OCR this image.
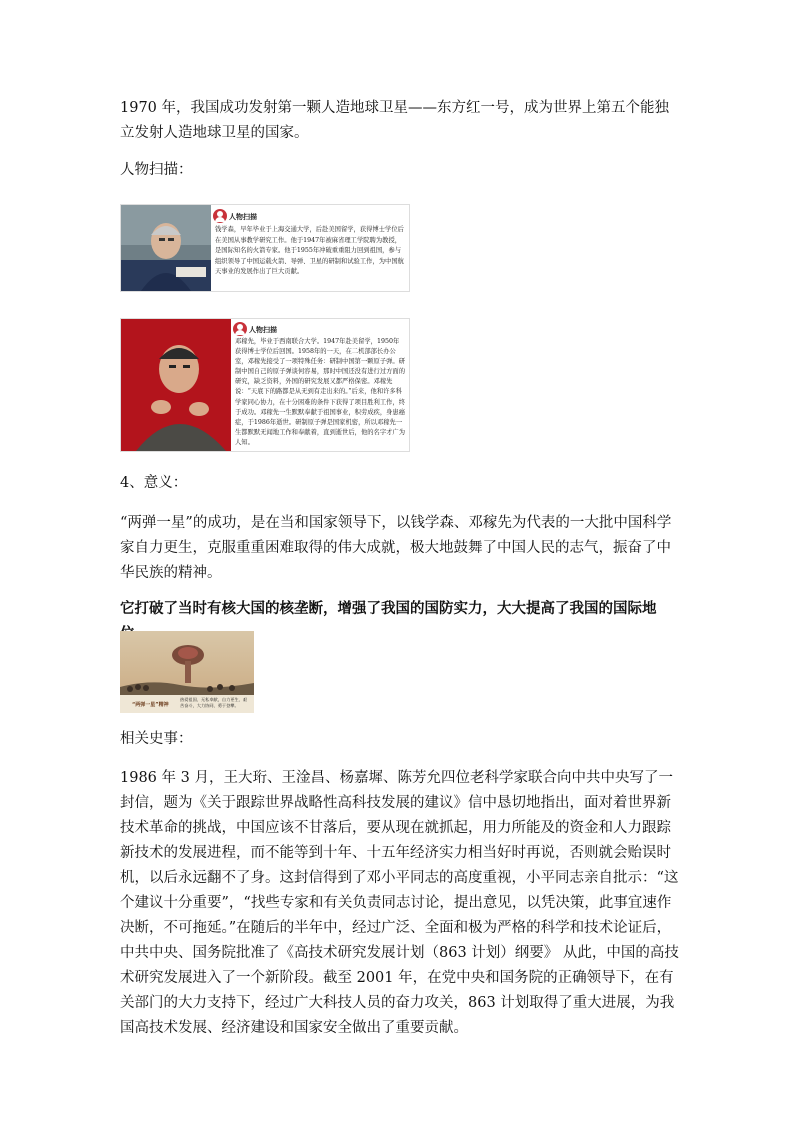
1970 年，我国成功发射第一颗人造地球卫星——东方红一号，成为世界上第五个能独立发射人造地球卫星的国家。

人物扫描：

人物扫描
钱学森，早年毕业于上海交通大学，后赴美国留学，获得博士学位后在美国从事教学研究工作。他于1947年被麻省理工学院聘为教授，是国际知名的火箭专家。他于1955年冲破重重阻力回到祖国，参与组织领导了中国运载火箭、导弹、卫星的研制和试验工作，为中国航天事业的发展作出了巨大贡献。
人物扫描
邓稼先，毕业于西南联合大学。1947年赴美留学，1950年获得博士学位后回国。1958年的一天，在二机部部长办公室，邓稼先接受了一项特殊任务：研制中国第一颗原子弹。研制中国自己的原子弹谈何容易，那时中国还没有进行过方面的研究，缺乏资料，外国的研究发展又都严格保密。邓稼先说：“天底下的路都是从无到有走出来的。”后来，他和许多科学家同心协力，在十分困难的条件下获得了项目胜利工作，终于成功。邓稼先一生默默奉献于祖国事业，积劳成疾，身患癌症，于1986年逝世。研制原子弹是国家机密，所以邓稼先一生都默默无闻地工作和奉献着，直到逝世后，他的名字才广为人知。

4、意义：

“两弹一星”的成功，是在当和国家领导下，以钱学森、邓稼先为代表的一大批中国科学家自力更生，克服重重困难取得的伟大成就，极大地鼓舞了中国人民的志气，振奋了中华民族的精神。

它打破了当时有核大国的核垄断，增强了我国的国防实力，大大提高了我国的国际地

“两弹一星”精神
热爱祖国、无私奉献，自力更生、艰苦奋斗，大力协同、勇于登攀。

相关史事：

1986 年 3 月，王大珩、王淦昌、杨嘉墀、陈芳允四位老科学家联合向中共中央写了一封信，题为《关于跟踪世界战略性高科技发展的建议》信中恳切地指出，面对着世界新技术革命的挑战，中国应该不甘落后，要从现在就抓起，用力所能及的资金和人力跟踪新技术的发展进程，而不能等到十年、十五年经济实力相当好时再说，否则就会贻误时机，以后永远翻不了身。这封信得到了邓小平同志的高度重视，小平同志亲自批示：“这个建议十分重要”，“找些专家和有关负责同志讨论，提出意见，以凭决策，此事宜速作决断，不可拖延。”在随后的半年中，经过广泛、全面和极为严格的科学和技术论证后，中共中央、国务院批准了《高技术研究发展计划（863 计划）纲要》 从此，中国的高技术研究发展进入了一个新阶段。截至 2001 年，在党中央和国务院的正确领导下，在有关部门的大力支持下，经过广大科技人员的奋力攻关，863 计划取得了重大进展，为我国高技术发展、经济建设和国家安全做出了重要贡献。
